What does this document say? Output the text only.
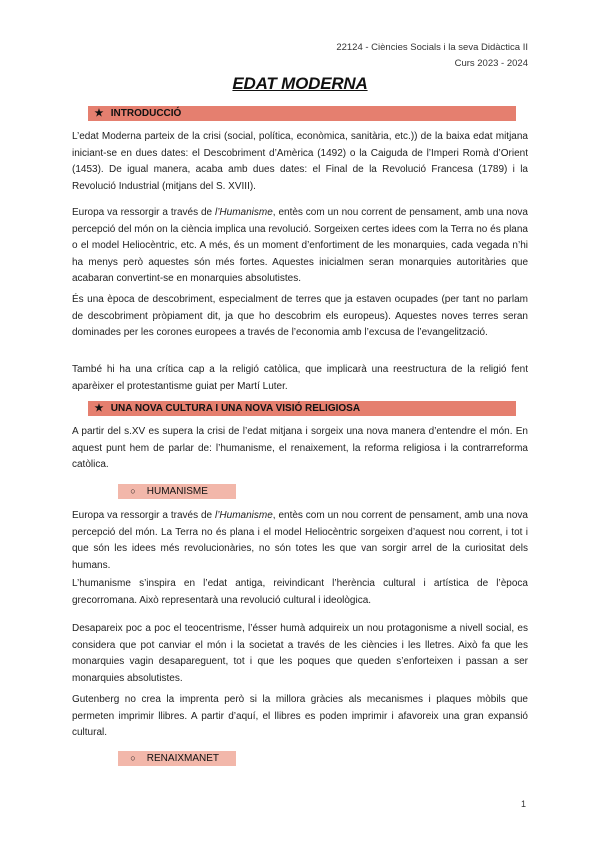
22124 - Ciències Socials i la seva Didàctica II
Curs 2023 - 2024
EDAT MODERNA
★ INTRODUCCIÓ

L’edat Moderna parteix de la crisi (social, política, econòmica, sanitària, etc.)) de la baixa edat mitjana iniciant-se en dues dates: el Descobriment d’Amèrica (1492) o la Caiguda de l’Imperi Romà d’Orient (1453). De igual manera, acaba amb dues dates: el Final de la Revolució Francesa (1789) i la Revolució Industrial (mitjans del S. XVIII).

Europa va ressorgir a través de l’Humanisme, entès com un nou corrent de pensament, amb una nova percepció del món on la ciència implica una revolució. Sorgeixen certes idees com la Terra no és plana o el model Heliocèntric, etc. A més, és un moment d’enfortiment de les monarquies, cada vegada n’hi ha menys però aquestes són més fortes. Aquestes inicialmen seran monarquies autoritàries que acabaran convertint-se en monarquies absolutistes.

És una època de descobriment, especialment de terres que ja estaven ocupades (per tant no parlam de descobriment pròpiament dit, ja que ho descobrim els europeus). Aquestes noves terres seran dominades per les corones europees a través de l’economia amb l’excusa de l’evangelització.

També hi ha una crítica cap a la religió catòlica, que implicarà una reestructura de la religió fent aparèixer el protestantisme guiat per Martí Luter.

★ UNA NOVA CULTURA I UNA NOVA VISIÓ RELIGIOSA

A partir del s.XV es supera la crisi de l’edat mitjana i sorgeix una nova manera d’entendre el món. En aquest punt hem de parlar de: l’humanisme, el renaixement, la reforma religiosa i la contrarreforma catòlica.

○ HUMANISME

Europa va ressorgir a través de l’Humanisme, entès com un nou corrent de pensament, amb una nova percepció del món. La Terra no és plana i el model Heliocèntric sorgeixen d’aquest nou corrent, i tot i que són les idees més revolucionàries, no són totes les que van sorgir arrel de la curiositat dels humans.

L’humanisme s’inspira en l’edat antiga, reivindicant l’herència cultural i artística de l’època grecorromana. Això representarà una revolució cultural i ideològica.

Desapareix poc a poc el teocentrisme, l’ésser humà adquireix un nou protagonisme a nivell social, es considera que pot canviar el món i la societat a través de les ciències i les lletres. Això fa que les monarquies vagin desapareguent, tot i que les poques que queden s’enforteixen i passan a ser monarquies absolutistes.

Gutenberg no crea la imprenta però si la millora gràcies als mecanismes i plaques mòbils que permeten imprimir llibres. A partir d’aquí, el llibres es poden imprimir i afavoreix una gran expansió cultural.

○ RENAIXMANET
1
